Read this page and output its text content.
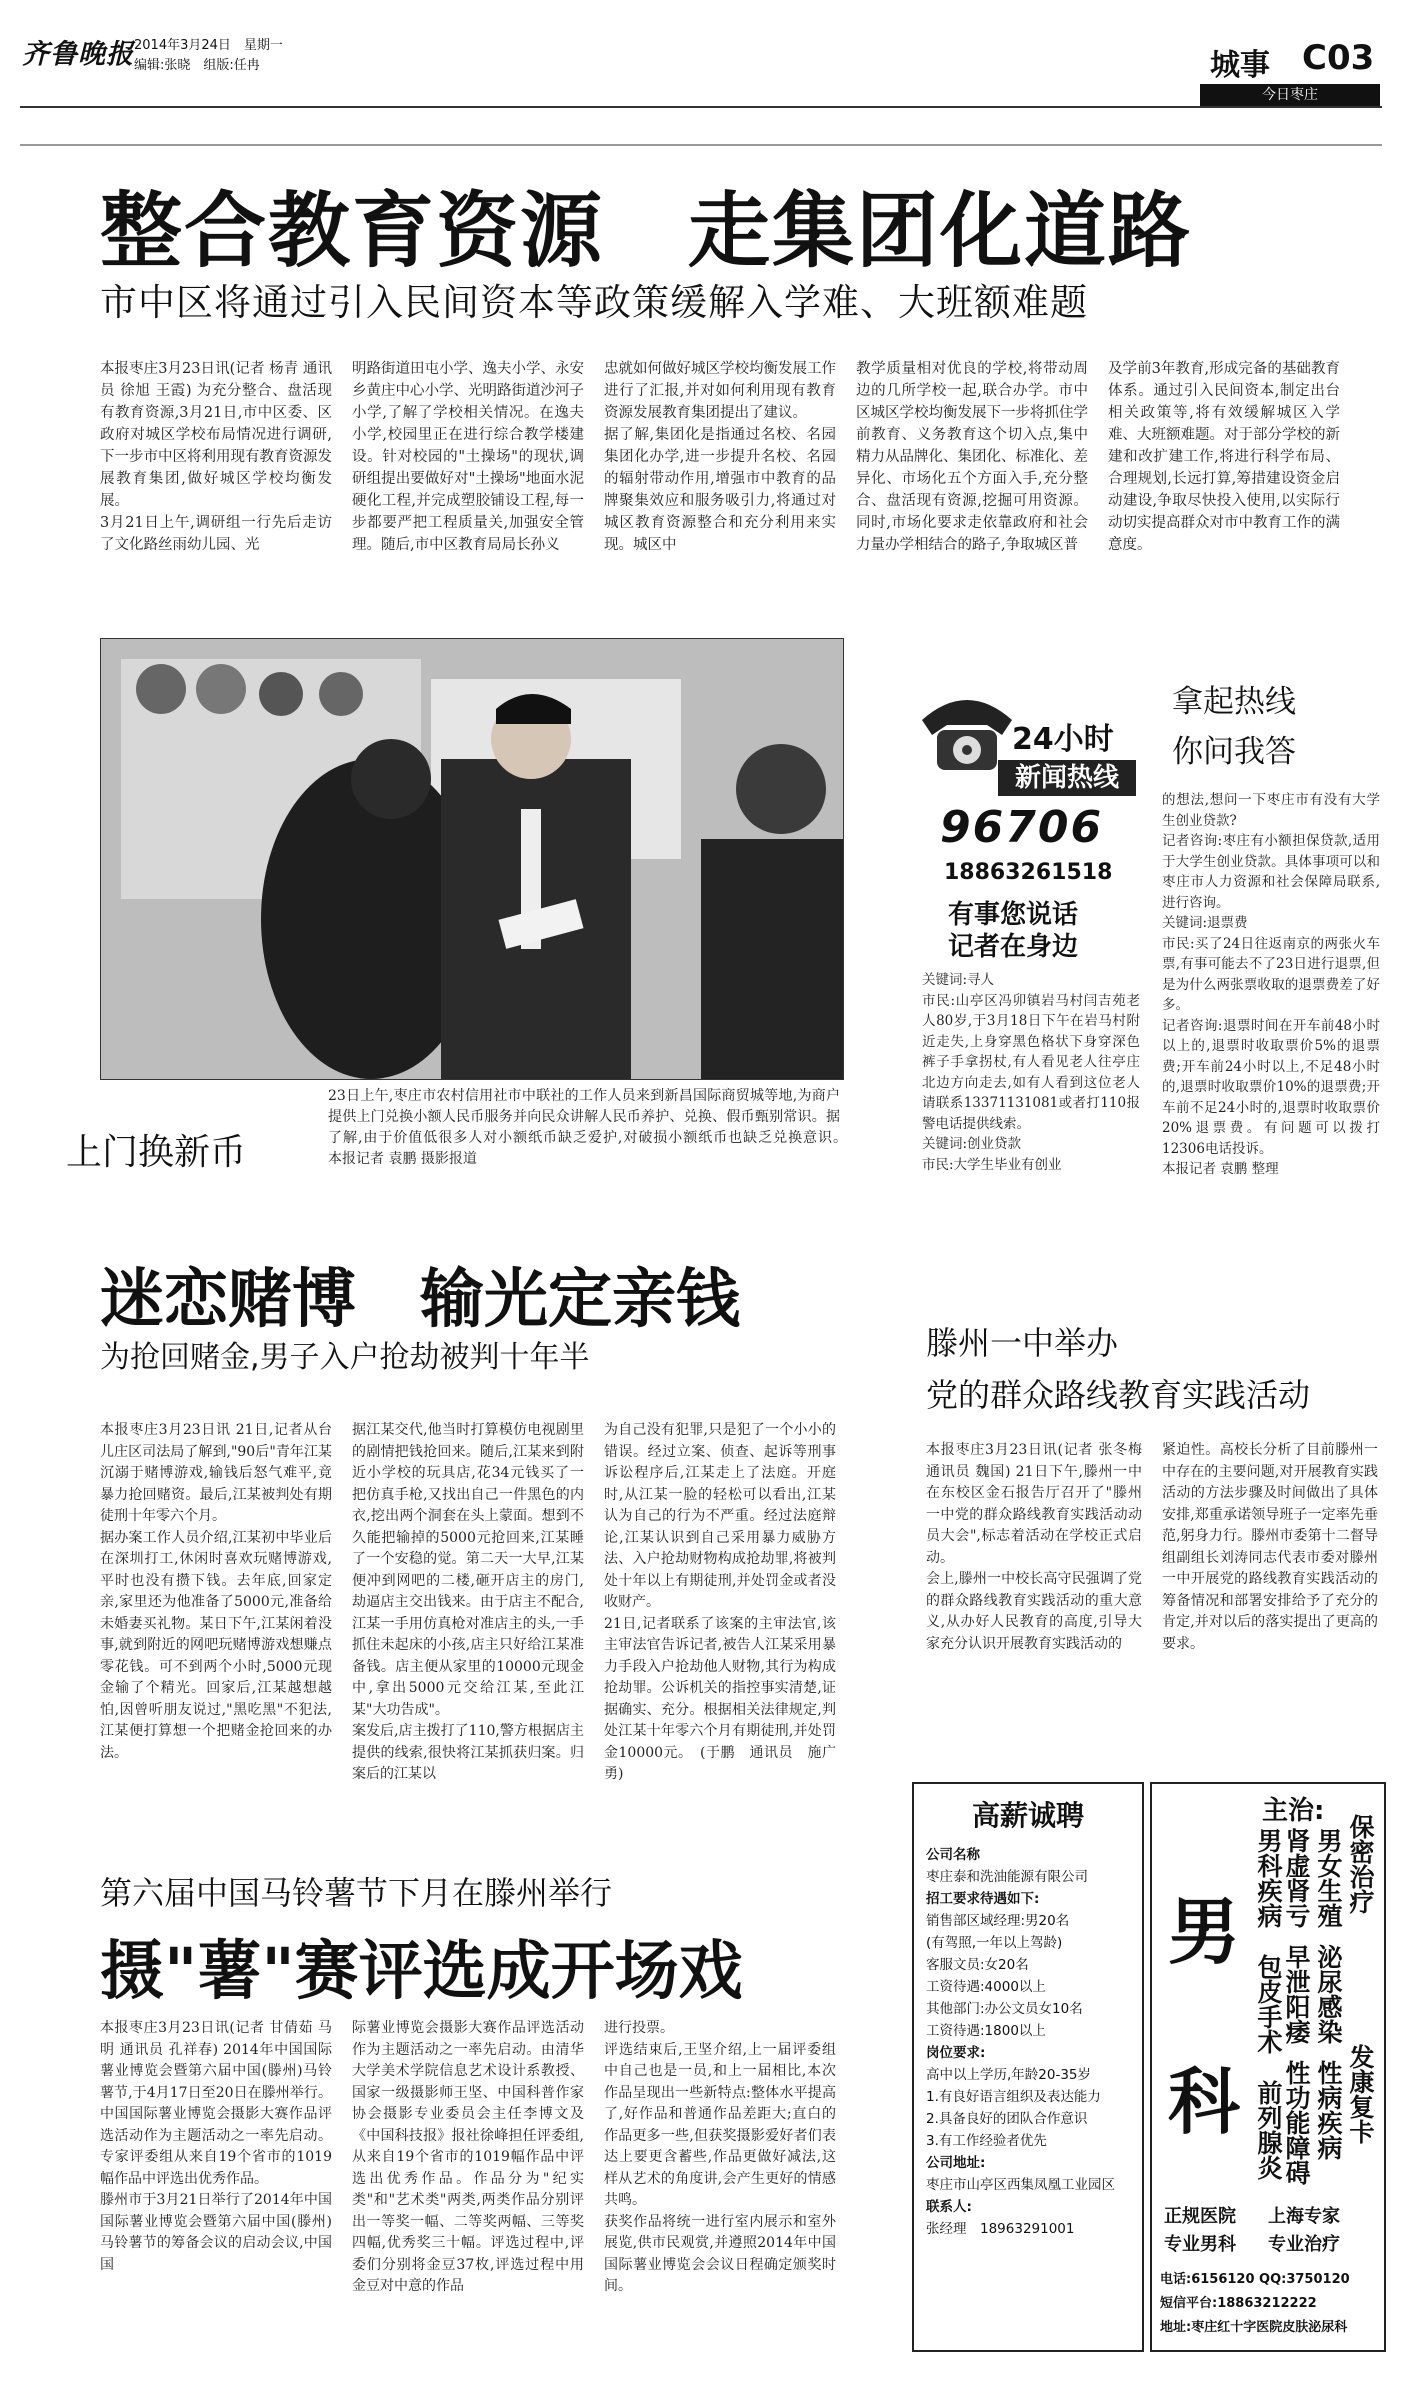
齐鲁晚报 2014年3月24日　星期一
编辑:张晓　组版:任冉	城事 C03
今日枣庄
整合教育资源　走集团化道路
市中区将通过引入民间资本等政策缓解入学难、大班额难题
本报枣庄3月23日讯(记者 杨青 通讯员 徐旭 王霞) 为充分整合、盘活现有教育资源,3月21日,市中区委、区政府对城区学校布局情况进行调研,下一步市中区将利用现有教育资源发展教育集团,做好城区学校均衡发展。
3月21日上午,调研组一行先后走访了文化路丝雨幼儿园、光
明路街道田屯小学、逸夫小学、永安乡黄庄中心小学、光明路街道沙河子小学,了解了学校相关情况。在逸夫小学,校园里正在进行综合教学楼建设。针对校园的"土操场"的现状,调研组提出要做好对"土操场"地面水泥硬化工程,并完成塑胶铺设工程,每一步都要严把工程质量关,加强安全管理。随后,市中区教育局局长孙义
忠就如何做好城区学校均衡发展工作进行了汇报,并对如何利用现有教育资源发展教育集团提出了建议。
据了解,集团化是指通过名校、名园集团化办学,进一步提升名校、名园的辐射带动作用,增强市中教育的品牌聚集效应和服务吸引力,将通过对城区教育资源整合和充分利用来实现。城区中
教学质量相对优良的学校,将带动周边的几所学校一起,联合办学。市中区城区学校均衡发展下一步将抓住学前教育、义务教育这个切入点,集中精力从品牌化、集团化、标准化、差异化、市场化五个方面入手,充分整合、盘活现有资源,挖掘可用资源。同时,市场化要求走依靠政府和社会力量办学相结合的路子,争取城区普
及学前3年教育,形成完备的基础教育体系。通过引入民间资本,制定出台相关政策等,将有效缓解城区入学难、大班额难题。对于部分学校的新建和改扩建工作,将进行科学布局、合理规划,长远打算,筹措建设资金启动建设,争取尽快投入使用,以实际行动切实提高群众对市中教育工作的满意度。
上门换新币
23日上午,枣庄市农村信用社市中联社的工作人员来到新昌国际商贸城等地,为商户提供上门兑换小额人民币服务并向民众讲解人民币养护、兑换、假币甄别常识。据了解,由于价值低很多人对小额纸币缺乏爱护,对破损小额纸币也缺乏兑换意识。　　本报记者 袁鹏 摄影报道
24小时
新闻热线
96706
18863261518
有事您说话
记者在身边
拿起热线
你问我答
关键词:寻人
市民:山亭区冯卯镇岩马村闫吉苑老人80岁,于3月18日下午在岩马村附近走失,上身穿黑色格状下身穿深色裤子手拿拐杖,有人看见老人往亭庄北边方向走去,如有人看到这位老人请联系13371131081或者打110报警电话提供线索。
关键词:创业贷款
市民:大学生毕业有创业
的想法,想问一下枣庄市有没有大学生创业贷款?
记者咨询:枣庄有小额担保贷款,适用于大学生创业贷款。具体事项可以和枣庄市人力资源和社会保障局联系,进行咨询。
关键词:退票费
市民:买了24日往返南京的两张火车票,有事可能去不了23日进行退票,但是为什么两张票收取的退票费差了好多。
记者咨询:退票时间在开车前48小时以上的,退票时收取票价5%的退票费;开车前24小时以上,不足48小时的,退票时收取票价10%的退票费;开车前不足24小时的,退票时收取票价20%退票费。有问题可以拨打12306电话投诉。
本报记者 袁鹏 整理
迷恋赌博　输光定亲钱
为抢回赌金,男子入户抢劫被判十年半
本报枣庄3月23日讯 21日,记者从台儿庄区司法局了解到,"90后"青年江某沉溺于赌博游戏,输钱后怒气难平,竟暴力抢回赌资。最后,江某被判处有期徒刑十年零六个月。
据办案工作人员介绍,江某初中毕业后在深圳打工,休闲时喜欢玩赌博游戏,平时也没有攒下钱。去年底,回家定亲,家里还为他准备了5000元,准备给未婚妻买礼物。某日下午,江某闲着没事,就到附近的网吧玩赌博游戏想赚点零花钱。可不到两个小时,5000元现金输了个精光。回家后,江某越想越怕,因曾听朋友说过,"黑吃黑"不犯法,江某便打算想一个把赌金抢回来的办法。
据江某交代,他当时打算模仿电视剧里的剧情把钱抢回来。随后,江某来到附近小学校的玩具店,花34元钱买了一把仿真手枪,又找出自己一件黑色的内衣,挖出两个洞套在头上蒙面。想到不久能把输掉的5000元抢回来,江某睡了一个安稳的觉。第二天一大早,江某便冲到网吧的二楼,砸开店主的房门,劫逼店主交出钱来。由于店主不配合,江某一手用仿真枪对准店主的头,一手抓住未起床的小孩,店主只好给江某准备钱。店主便从家里的10000元现金中,拿出5000元交给江某,至此江某"大功告成"。
案发后,店主拨打了110,警方根据店主提供的线索,很快将江某抓获归案。归案后的江某以
为自己没有犯罪,只是犯了一个小小的错误。经过立案、侦查、起诉等刑事诉讼程序后,江某走上了法庭。开庭时,从江某一脸的轻松可以看出,江某认为自己的行为不严重。经过法庭辩论,江某认识到自己采用暴力威胁方法、入户抢劫财物构成抢劫罪,将被判处十年以上有期徒刑,并处罚金或者没收财产。
21日,记者联系了该案的主审法官,该主审法官告诉记者,被告人江某采用暴力手段入户抢劫他人财物,其行为构成抢劫罪。公诉机关的指控事实清楚,证据确实、充分。根据相关法律规定,判处江某十年零六个月有期徒刑,并处罚金10000元。　(于鹏　通讯员　施广勇)
滕州一中举办
党的群众路线教育实践活动
本报枣庄3月23日讯(记者 张冬梅 通讯员 魏国) 21日下午,滕州一中在东校区金石报告厅召开了"滕州一中党的群众路线教育实践活动动员大会",标志着活动在学校正式启动。
会上,滕州一中校长高守民强调了党的群众路线教育实践活动的重大意义,从办好人民教育的高度,引导大家充分认识开展教育实践活动的
紧迫性。高校长分析了目前滕州一中存在的主要问题,对开展教育实践活动的方法步骤及时间做出了具体安排,郑重承诺领导班子一定率先垂范,躬身力行。滕州市委第十二督导组副组长刘涛同志代表市委对滕州一中开展党的路线教育实践活动的筹备情况和部署安排给予了充分的肯定,并对以后的落实提出了更高的要求。
第六届中国马铃薯节下月在滕州举行
摄"薯"赛评选成开场戏
本报枣庄3月23日讯(记者 甘倩茹 马明 通讯员 孔祥春) 2014年中国国际薯业博览会暨第六届中国(滕州)马铃薯节,于4月17日至20日在滕州举行。中国国际薯业博览会摄影大赛作品评选活动作为主题活动之一率先启动。专家评委组从来自19个省市的1019幅作品中评选出优秀作品。
滕州市于3月21日举行了2014年中国国际薯业博览会暨第六届中国(滕州)马铃薯节的筹备会议的启动会议,中国国
际薯业博览会摄影大赛作品评选活动作为主题活动之一率先启动。由清华大学美术学院信息艺术设计系教授、国家一级摄影师王坚、中国科普作家协会摄影专业委员会主任李博文及《中国科技报》报社徐峰担任评委组,从来自19个省市的1019幅作品中评选出优秀作品。作品分为"纪实类"和"艺术类"两类,两类作品分别评出一等奖一幅、二等奖两幅、三等奖四幅,优秀奖三十幅。评选过程中,评委们分别将金豆37枚,评选过程中用金豆对中意的作品
进行投票。
评选结束后,王坚介绍,上一届评委组中自己也是一员,和上一届相比,本次作品呈现出一些新特点:整体水平提高了,好作品和普通作品差距大;直白的作品更多一些,但获奖摄影爱好者们表达上要更含蓄些,作品更做好减法,这样从艺术的角度讲,会产生更好的情感共鸣。
获奖作品将统一进行室内展示和室外展览,供市民观赏,并遵照2014年中国国际薯业博览会会议日程确定颁奖时间。
高薪诚聘
公司名称
枣庄泰和洗油能源有限公司
招工要求待遇如下:
销售部区域经理:男20名
(有驾照,一年以上驾龄)
客服文员:女20名
工资待遇:4000以上
其他部门:办公文员女10名
工资待遇:1800以上
岗位要求:
高中以上学历,年龄20-35岁
1.有良好语言组织及表达能力
2.具备良好的团队合作意识
3.有工作经验者优先
公司地址:
枣庄市山亭区西集凤凰工业园区
联系人:
张经理　18963291001
男
科
主治:
男科疾病 肾虚肾亏
早泄阳痿
包皮手术
性功能障碍
前列腺炎
男女生殖
泌尿感染
性病疾病
保密治疗
发康复卡
正规医院 上海专家
专业男科 专业治疗
电话:6156120 QQ:3750120
短信平台:18863212222
地址:枣庄红十字医院皮肤泌尿科
